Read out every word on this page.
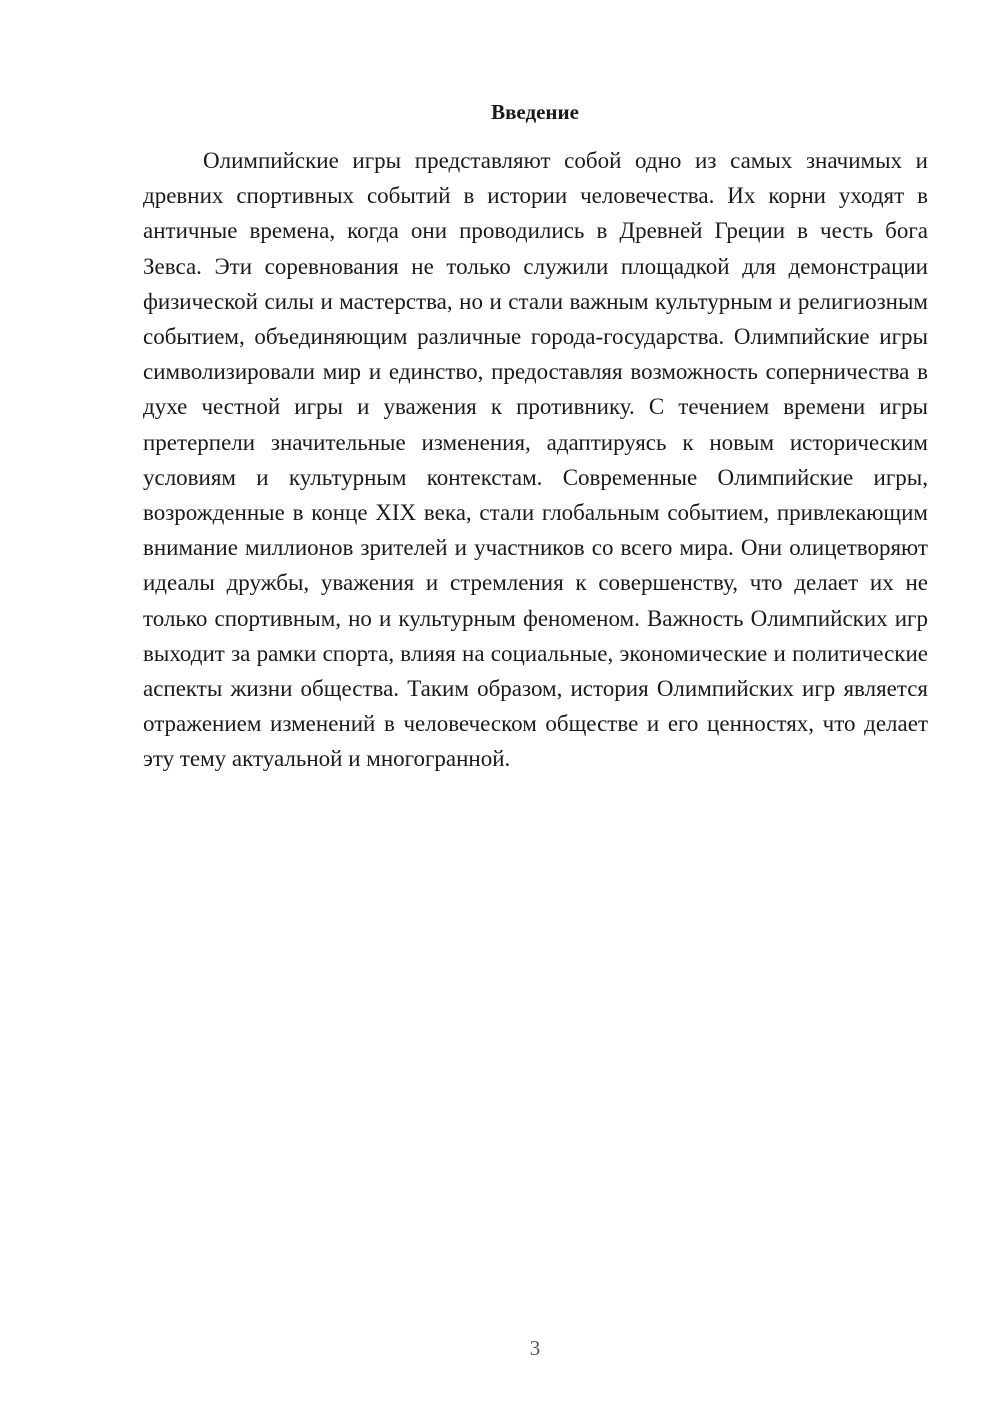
Введение

Олимпийские игры представляют собой одно из самых значимых и древних спортивных событий в истории человечества. Их корни уходят в античные времена, когда они проводились в Древней Греции в честь бога Зевса. Эти соревнования не только служили площадкой для демонстрации физической силы и мастерства, но и стали важным культурным и религиозным событием, объединяющим различные города-государства. Олимпийские игры символизировали мир и единство, предоставляя возможность соперничества в духе честной игры и уважения к противнику. С течением времени игры претерпели значительные изменения, адаптируясь к новым историческим условиям и культурным контекстам. Современные Олимпийские игры, возрожденные в конце XIX века, стали глобальным событием, привлекающим внимание миллионов зрителей и участников со всего мира. Они олицетворяют идеалы дружбы, уважения и стремления к совершенству, что делает их не только спортивным, но и культурным феноменом. Важность Олимпийских игр выходит за рамки спорта, влияя на социальные, экономические и политические аспекты жизни общества. Таким образом, история Олимпийских игр является отражением изменений в человеческом обществе и его ценностях, что делает эту тему актуальной и многогранной.

3
